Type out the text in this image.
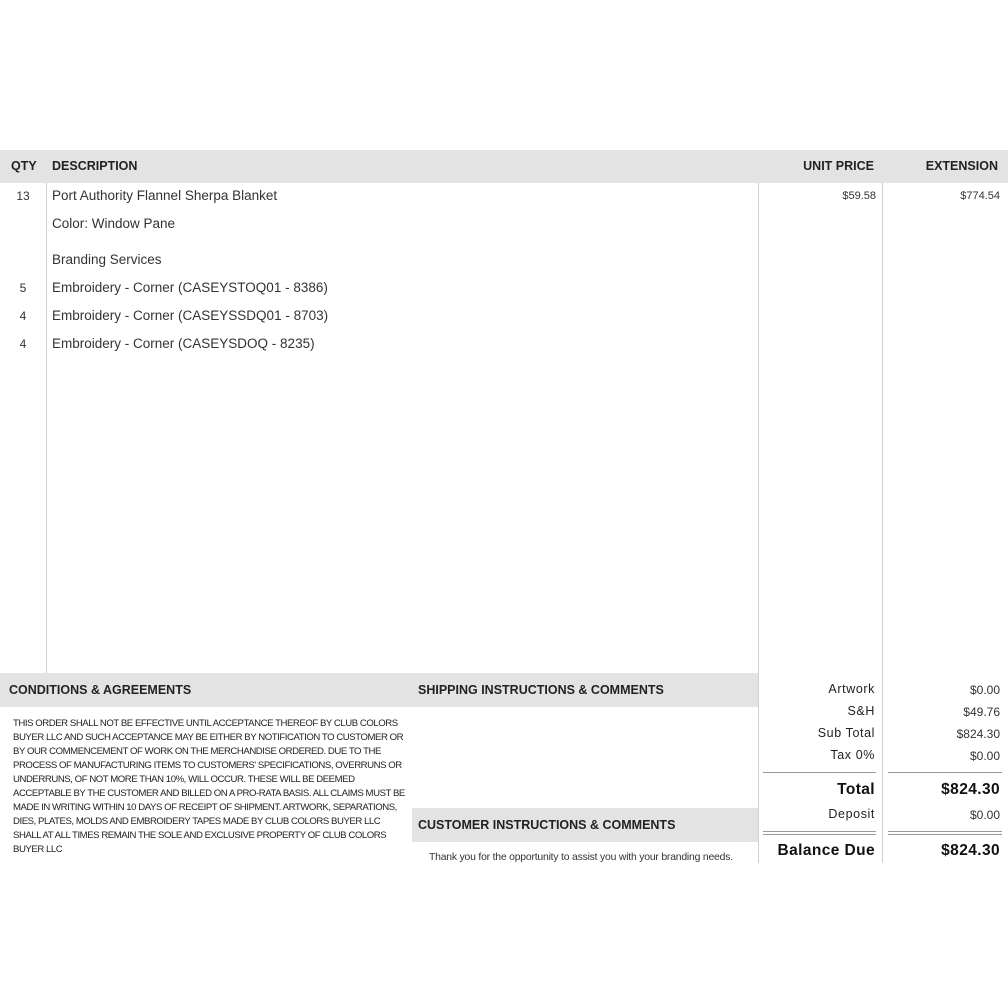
QTY DESCRIPTION	UNIT PRICE	EXTENSION
13	Port Authority Flannel Sherpa Blanket	$59.58	$774.54
Color: Window Pane
Branding Services
5	Embroidery - Corner (CASEYSTOQ01 - 8386)
4	Embroidery - Corner (CASEYSSDQ01 - 8703)
4	Embroidery - Corner (CASEYSDOQ - 8235)
CONDITIONS & AGREEMENTS	SHIPPING INSTRUCTIONS & COMMENTS
THIS ORDER SHALL NOT BE EFFECTIVE UNTIL ACCEPTANCE THEREOF BY CLUB COLORS BUYER LLC AND SUCH ACCEPTANCE MAY BE EITHER BY NOTIFICATION TO CUSTOMER OR BY OUR COMMENCEMENT OF WORK ON THE MERCHANDISE ORDERED. DUE TO THE PROCESS OF MANUFACTURING ITEMS TO CUSTOMERS' SPECIFICATIONS, OVERRUNS OR UNDERRUNS, OF NOT MORE THAN 10%, WILL OCCUR. THESE WILL BE DEEMED ACCEPTABLE BY THE CUSTOMER AND BILLED ON A PRO-RATA BASIS. ALL CLAIMS MUST BE MADE IN WRITING WITHIN 10 DAYS OF RECEIPT OF SHIPMENT. ARTWORK, SEPARATIONS, DIES, PLATES, MOLDS AND EMBROIDERY TAPES MADE BY CLUB COLORS BUYER LLC SHALL AT ALL TIMES REMAIN THE SOLE AND EXCLUSIVE PROPERTY OF CLUB COLORS BUYER LLC
CUSTOMER INSTRUCTIONS & COMMENTS
Thank you for the opportunity to assist you with your branding needs.
Artwork	$0.00
S&H	$49.76
Sub Total	$824.30
Tax 0%	$0.00
Total	$824.30
Deposit	$0.00
Balance Due	$824.30
